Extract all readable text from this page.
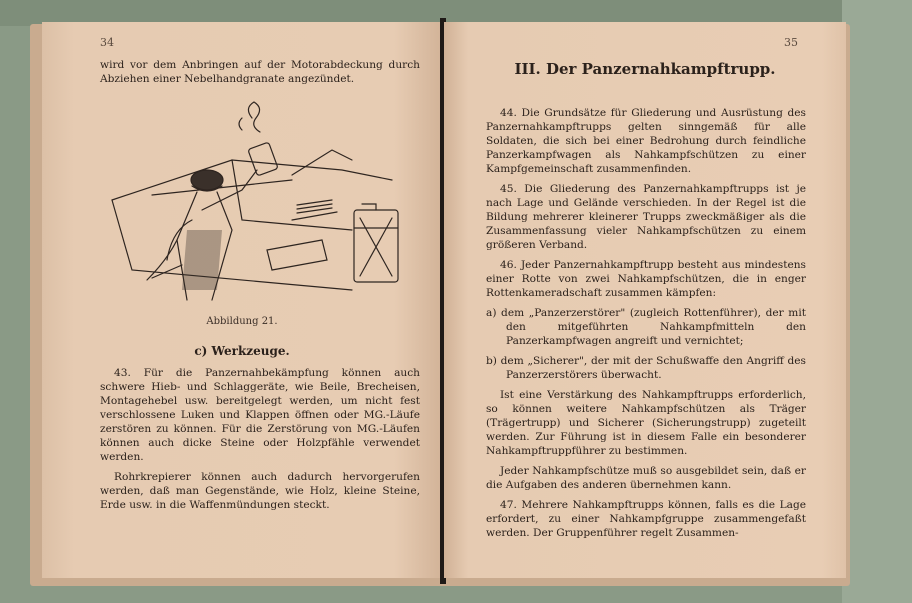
34

wird vor dem Anbringen auf der Motorabdeckung durch Abziehen einer Nebelhandgranate angezündet.

Abbildung 21.
c) Werkzeuge.

43. Für die Panzernahbekämpfung können auch schwere Hieb- und Schlaggeräte, wie Beile, Brecheisen, Montagehebel usw. bereitgelegt werden, um nicht fest verschlossene Luken und Klappen öffnen oder MG.-Läufe zerstören zu können. Für die Zerstörung von MG.-Läufen können auch dicke Steine oder Holzpfähle verwendet werden.

Rohrkrepierer können auch dadurch hervorgerufen werden, daß man Gegenstände, wie Holz, kleine Steine, Erde usw. in die Waffenmündungen steckt.

35
III. Der Panzernahkampftrupp.

44. Die Grundsätze für Gliederung und Ausrüstung des Panzernahkampftrupps gelten sinngemäß für alle Soldaten, die sich bei einer Bedrohung durch feindliche Panzerkampfwagen als Nahkampfschützen zu einer Kampfgemeinschaft zusammenfinden.

45. Die Gliederung des Panzernahkampftrupps ist je nach Lage und Gelände verschieden. In der Regel ist die Bildung mehrerer kleinerer Trupps zweckmäßiger als die Zusammenfassung vieler Nahkampfschützen zu einem größeren Verband.

46. Jeder Panzernahkampftrupp besteht aus mindestens einer Rotte von zwei Nahkampfschützen, die in enger Rottenkameradschaft zusammen kämpfen:

a) dem „Panzerzerstörer" (zugleich Rottenführer), der mit den mitgeführten Nahkampfmitteln den Panzerkampfwagen angreift und vernichtet;

b) dem „Sicherer", der mit der Schußwaffe den Angriff des Panzerzerstörers überwacht.

Ist eine Verstärkung des Nahkampftrupps erforderlich, so können weitere Nahkampfschützen als Träger (Trägertrupp) und Sicherer (Sicherungstrupp) zugeteilt werden. Zur Führung ist in diesem Falle ein besonderer Nahkampftruppführer zu bestimmen.

Jeder Nahkampfschütze muß so ausgebildet sein, daß er die Aufgaben des anderen übernehmen kann.

47. Mehrere Nahkampftrupps können, falls es die Lage erfordert, zu einer Nahkampfgruppe zusammengefaßt werden. Der Gruppenführer regelt Zusammen-
